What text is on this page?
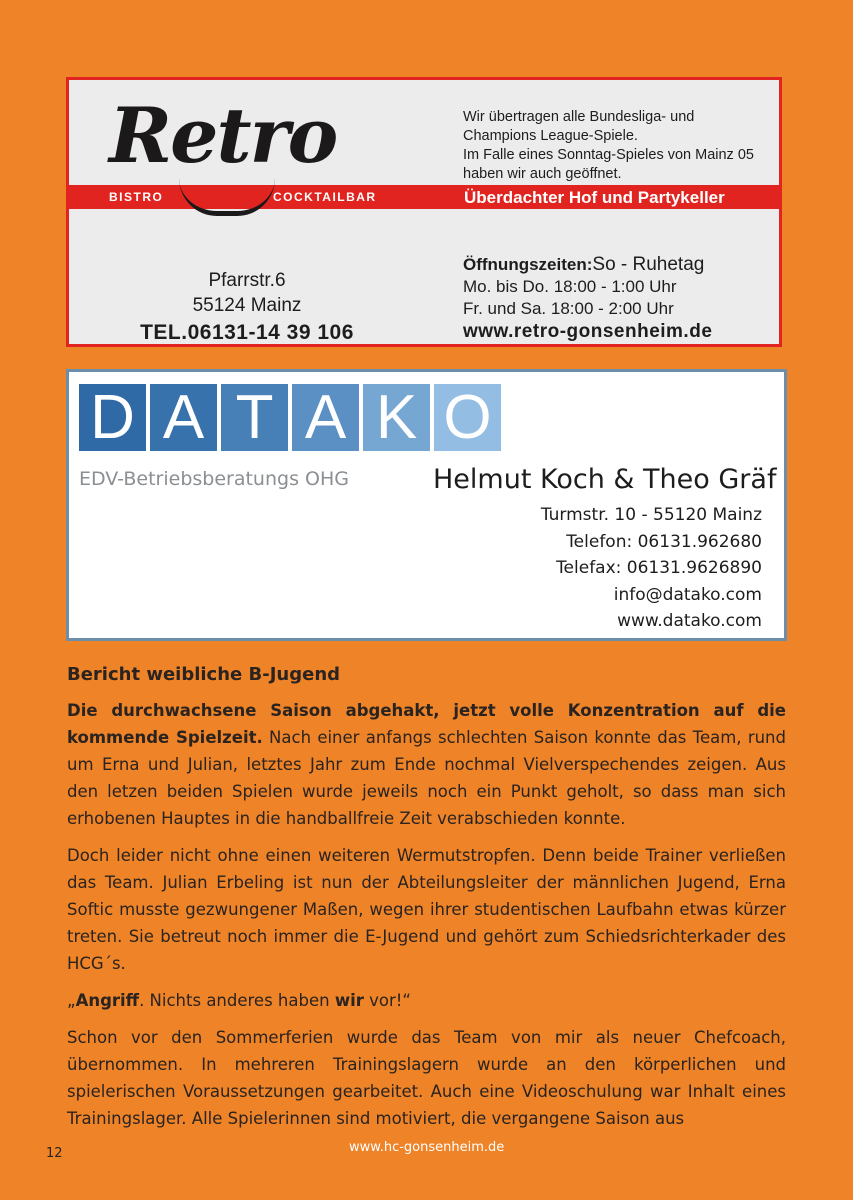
Retro
BISTRO	COCKTAILBAR
Wir übertragen alle Bundesliga- und
Champions League-Spiele.
Im Falle eines Sonntag-Spieles von Mainz 05
haben wir auch geöffnet.
Überdachter Hof und Partykeller
Pfarrstr.6
55124 Mainz
TEL.06131-14 39 106
Öffnungszeiten:So - Ruhetag
Mo. bis Do. 18:00 - 1:00 Uhr
Fr. und Sa. 18:00 - 2:00 Uhr
www.retro-gonsenheim.de
D A T A K O
EDV-Betriebsberatungs OHG	Helmut Koch & Theo Gräf
Turmstr. 10 - 55120 Mainz
Telefon: 06131.962680
Telefax: 06131.9626890
info@datako.com
www.datako.com
Bericht weibliche B-Jugend

Die durchwachsene Saison abgehakt, jetzt volle Konzentration auf die kommende Spielzeit. Nach einer anfangs schlechten Saison konnte das Team, rund um Erna und Julian, letztes Jahr zum Ende nochmal Vielverspechendes zeigen. Aus den letzen beiden Spielen wurde jeweils noch ein Punkt geholt, so dass man sich erhobenen Hauptes in die handballfreie Zeit verabschieden konnte.

Doch leider nicht ohne einen weiteren Wermutstropfen. Denn beide Trainer verließen das Team. Julian Erbeling ist nun der Abteilungsleiter der männlichen Jugend, Erna Softic musste gezwungener Maßen, wegen ihrer studentischen Laufbahn etwas kürzer treten. Sie betreut noch immer die E-Jugend und gehört zum Schiedsrichterkader des HCG´s.

„Angriff. Nichts anderes haben wir vor!“

Schon vor den Sommerferien wurde das Team von mir als neuer Chefcoach, übernommen. In mehreren Trainingslagern wurde an den körperlichen und spielerischen Voraussetzungen gearbeitet. Auch eine Videoschulung war Inhalt eines Trainingslager. Alle Spielerinnen sind motiviert, die vergangene Saison aus

12	www.hc-gonsenheim.de
